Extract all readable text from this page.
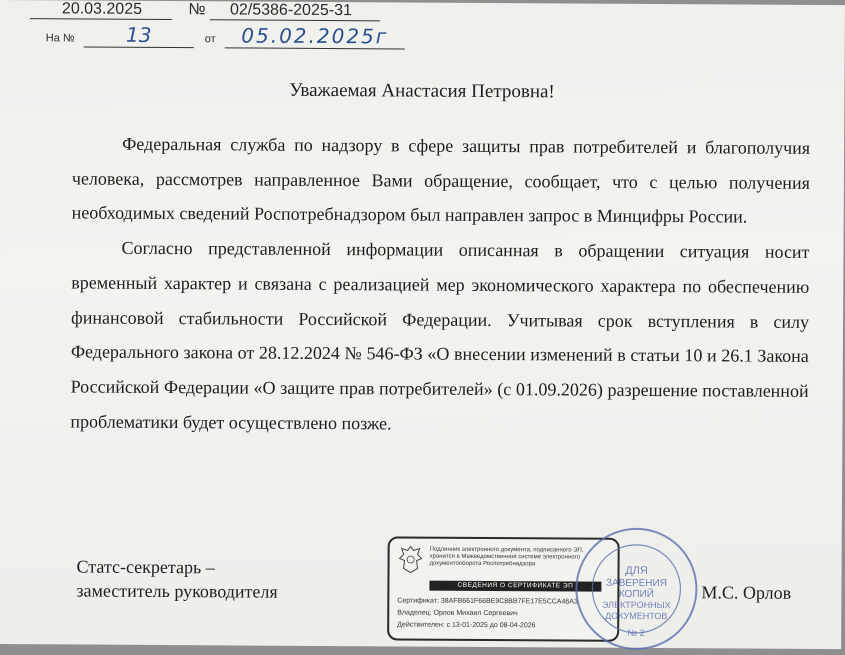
20.03.2025	№ 02/5386-2025-31
На №	13	от 05.02.2025г
Уважаемая Анастасия Петровна!

Федеральная служба по надзору в сфере защиты прав потребителей и благополучия человека, рассмотрев направленное Вами обращение, сообщает, что с целью получения необходимых сведений Роспотребнадзором был направлен запрос в Минцифры России.

Согласно представленной информации описанная в обращении ситуация носит временный характер и связана с реализацией мер экономического характера по обеспечению финансовой стабильности Российской Федерации. Учитывая срок вступления в силу Федерального закона от 28.12.2024 № 546-ФЗ «О внесении изменений в статьи 10 и 26.1 Закона Российской Федерации «О защите прав потребителей» (с 01.09.2026) разрешение поставленной проблематики будет осуществлено позже.

Статс-секретарь –
заместитель руководителя
Подлинник электронного документа, подписанного ЭП,
хранится в Межведомственной системе электронного
документооборота Роспотребнадзора
СВЕДЕНИЯ О СЕРТИФИКАТЕ ЭП
Сертификат: 38AFB661F66BE9C8BB7FE17E5CCA46A3
Владелец: Орлов Михаил Сергеевич
Действителен: с 13-01-2025 до 08-04-2026
ДЛЯ
ЗАВЕРЕНИЯ
КОПИЙ
ЭЛЕКТРОННЫХ
ДОКУМЕНТОВ
№ 2
М.С. Орлов
